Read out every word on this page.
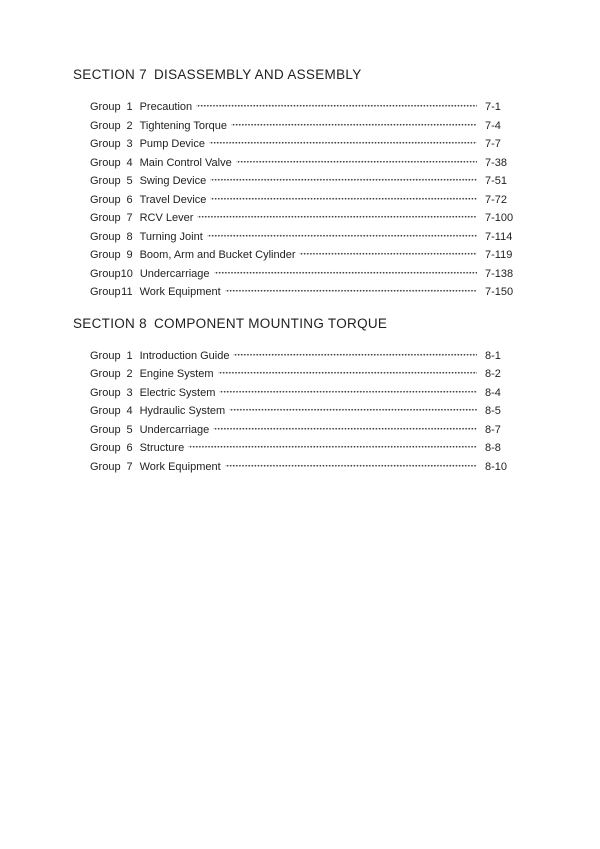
SECTION 7 DISASSEMBLY AND ASSEMBLY
Group 1 Precaution	7-1
Group 2 Tightening Torque	7-4
Group 3 Pump Device	7-7
Group 4 Main Control Valve	7-38
Group 5 Swing Device	7-51
Group 6 Travel Device	7-72
Group 7 RCV Lever	7-100
Group 8 Turning Joint	7-114
Group 9 Boom, Arm and Bucket Cylinder	7-119
Group 10 Undercarriage	7-138
Group 11 Work Equipment	7-150
SECTION 8 COMPONENT MOUNTING TORQUE
Group 1 Introduction Guide	8-1
Group 2 Engine System	8-2
Group 3 Electric System	8-4
Group 4 Hydraulic System	8-5
Group 5 Undercarriage	8-7
Group 6 Structure	8-8
Group 7 Work Equipment	8-10
